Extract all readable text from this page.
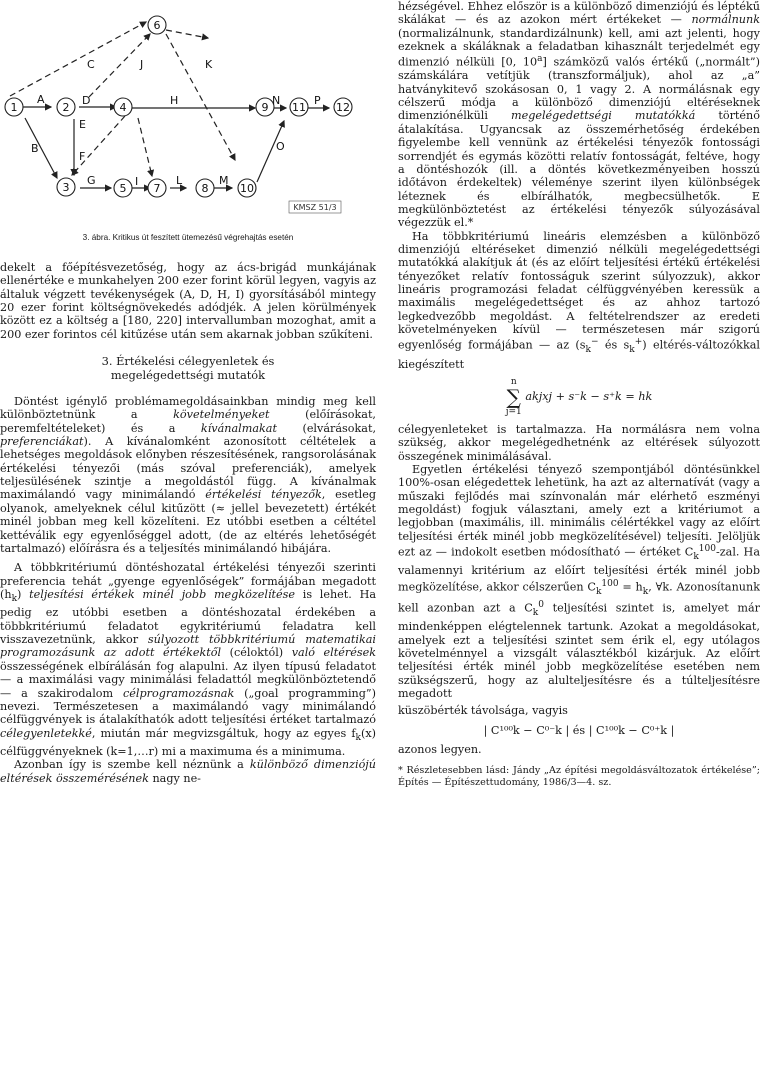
1	2
3
4
5
6
7	8
9
10
11	12
A
B
C
D
E
F
G
H
I
J	K
L	M
N
O
P
KMSZ 51/3

3. ábra. Kritikus út feszített ütemezésű végrehajtás esetén

dekelt a főépítésvezetőség, hogy az ács-brigád munkájának ellenértéke e munkahelyen 200 ezer forint körül legyen, vagyis az általuk végzett tevékenységek (A, D, H, I) gyorsításából mintegy 20 ezer forint költségnövekedés adódjék. A jelen körülmények között ez a költség a [180, 220] intervallumban mozoghat, amit a 200 ezer forintos cél kitűzése után sem akarnak jobban szűkíteni.

3. Értékelési célegyenletek és
megelégedettségi mutatók

Döntést igénylő problémamegoldásainkban mindig meg kell különböztetnünk a követelményeket (előírásokat, peremfeltételeket) és a kívánalmakat (elvárásokat, preferenciákat). A kívánalomként azonosított céltételek a lehetséges megoldások előnyben részesítésének, rangsorolásának értékelési tényezői (más szóval preferenciák), amelyek teljesülésének szintje a megoldástól függ. A kívánalmak maximálandó vagy minimálandó értékelési tényezők, esetleg olyanok, amelyeknek célul kitűzött (≈ jellel bevezetett) értékét minél jobban meg kell közelíteni. Ez utóbbi esetben a céltétel kettéválik egy egyenlőséggel adott, (de az eltérés lehetőségét tartalmazó) előírásra és a teljesítés minimálandó hibájára.

A többkritériumú döntéshozatal értékelési tényezői szerinti preferencia tehát „gyenge egyenlőségek” formájában megadott $(h_k)$ teljesítési értékek minél jobb megközelítése is lehet. Ha pedig ez utóbbi esetben a döntéshozatal érdekében a többkritériumú feladatot egykritériumú feladatra kell visszavezetnünk, akkor súlyozott többkritériumú matematikai programozásunk az adott értékektől (céloktól) való eltérések összességének elbírálásán fog alapulni. Az ilyen típusú feladatot — a maximálási vagy minimálási feladattól megkülönböztetendő — a szakirodalom célprogramozásnak („goal programming”) nevezi. Természetesen a maximálandó vagy minimálandó célfüggvények is átalakíthatók adott teljesítési értéket tartalmazó célegyenletekké, miután már megvizsgáltuk, hogy az egyes $f_k(x)$ célfüggvényeknek (k=1,…r) mi a maximuma és a minimuma.

Azonban így is szembe kell néznünk a különböző dimenziójú eltérések összemérésének nagy ne-

hézségével. Ehhez először is a különböző dimenziójú és léptékű skálákat — és az azokon mért értékeket — normálnunk (normalizálnunk, standardizálnunk) kell, ami azt jelenti, hogy ezeknek a skáláknak a feladatban kihasznált terjedelmét egy dimenzió nélküli [0, 10$^a$] számközű valós értékű („normált”) számskálára vetítjük (transzformáljuk), ahol az „a” hatványkitevő szokásosan 0, 1 vagy 2. A normálásnak egy célszerű módja a különböző dimenziójú eltéréseknek dimenziónélküli megelégedettségi mutatókká történő átalakítása. Ugyancsak az összemérhetőség érdekében figyelembe kell vennünk az értékelési tényezők fontossági sorrendjét és egymás közötti relatív fontosságát, feltéve, hogy a döntéshozók (ill. a döntés következményeiben hosszú időtávon érdekeltek) véleménye szerint ilyen különbségek léteznek és elbírálhatók, megbecsülhetők. E megkülönböztetést az értékelési tényezők súlyozásával végezzük el.*

Ha többkritériumú lineáris elemzésben a különböző dimenziójú eltéréseket dimenzió nélküli megelégedettségi mutatókká alakítjuk át (és az előírt teljesítési értékű értékelési tényezőket relatív fontosságuk szerint súlyozzuk), akkor lineáris programozási feladat célfüggvényében keressük a maximális megelégedettséget és az ahhoz tartozó legkedvezőbb megoldást. A feltételrendszer az eredeti követelményeken kívül — természetesen már szigorú egyenlőség formájában — az ($s_k^-$ és $s_k^+$) eltérés-változókkal kiegészített

n
∑
j=1
akjxj + s⁻k − s⁺k = hk

célegyenleteket is tartalmazza. Ha normálásra nem volna szükség, akkor megelégedhetnénk az eltérések súlyozott összegének minimálásával.

Egyetlen értékelési tényező szempontjából döntésünkkel 100%-osan elégedettek lehetünk, ha azt az alternatívát (vagy a műszaki fejlődés mai színvonalán már elérhető eszményi megoldást) fogjuk választani, amely ezt a kritériumot a legjobban (maximális, ill. minimális célértékkel vagy az előírt teljesítési érték minél jobb megközelítésével) teljesíti. Jelöljük ezt az — indokolt esetben módosítható — értéket $C_k^{100}$-zal. Ha valamennyi kritérium az előírt teljesítési érték minél jobb megközelítése, akkor célszerűen $C_k^{100} = h_k$, ∀k. Azonosítanunk kell azonban azt a $C_k^0$ teljesítési szintet is, amelyet már mindenképpen elégtelennek tartunk. Azokat a megoldásokat, amelyek ezt a teljesítési szintet sem érik el, egy utólagos követelménnyel a vizsgált választékból kizárjuk. Az előírt teljesítési érték minél jobb megközelítése esetében nem szükségszerű, hogy az alulteljesítésre és a túlteljesítésre megadott

küszöbérték távolsága, vagyis

| C¹⁰⁰k − C⁰⁻k | és | C¹⁰⁰k − C⁰⁺k |

azonos legyen.

* Részletesebben lásd: Jándy „Az építési megoldásváltozatok értékelése”; Építés — Építészettudomány, 1986/3—4. sz.
